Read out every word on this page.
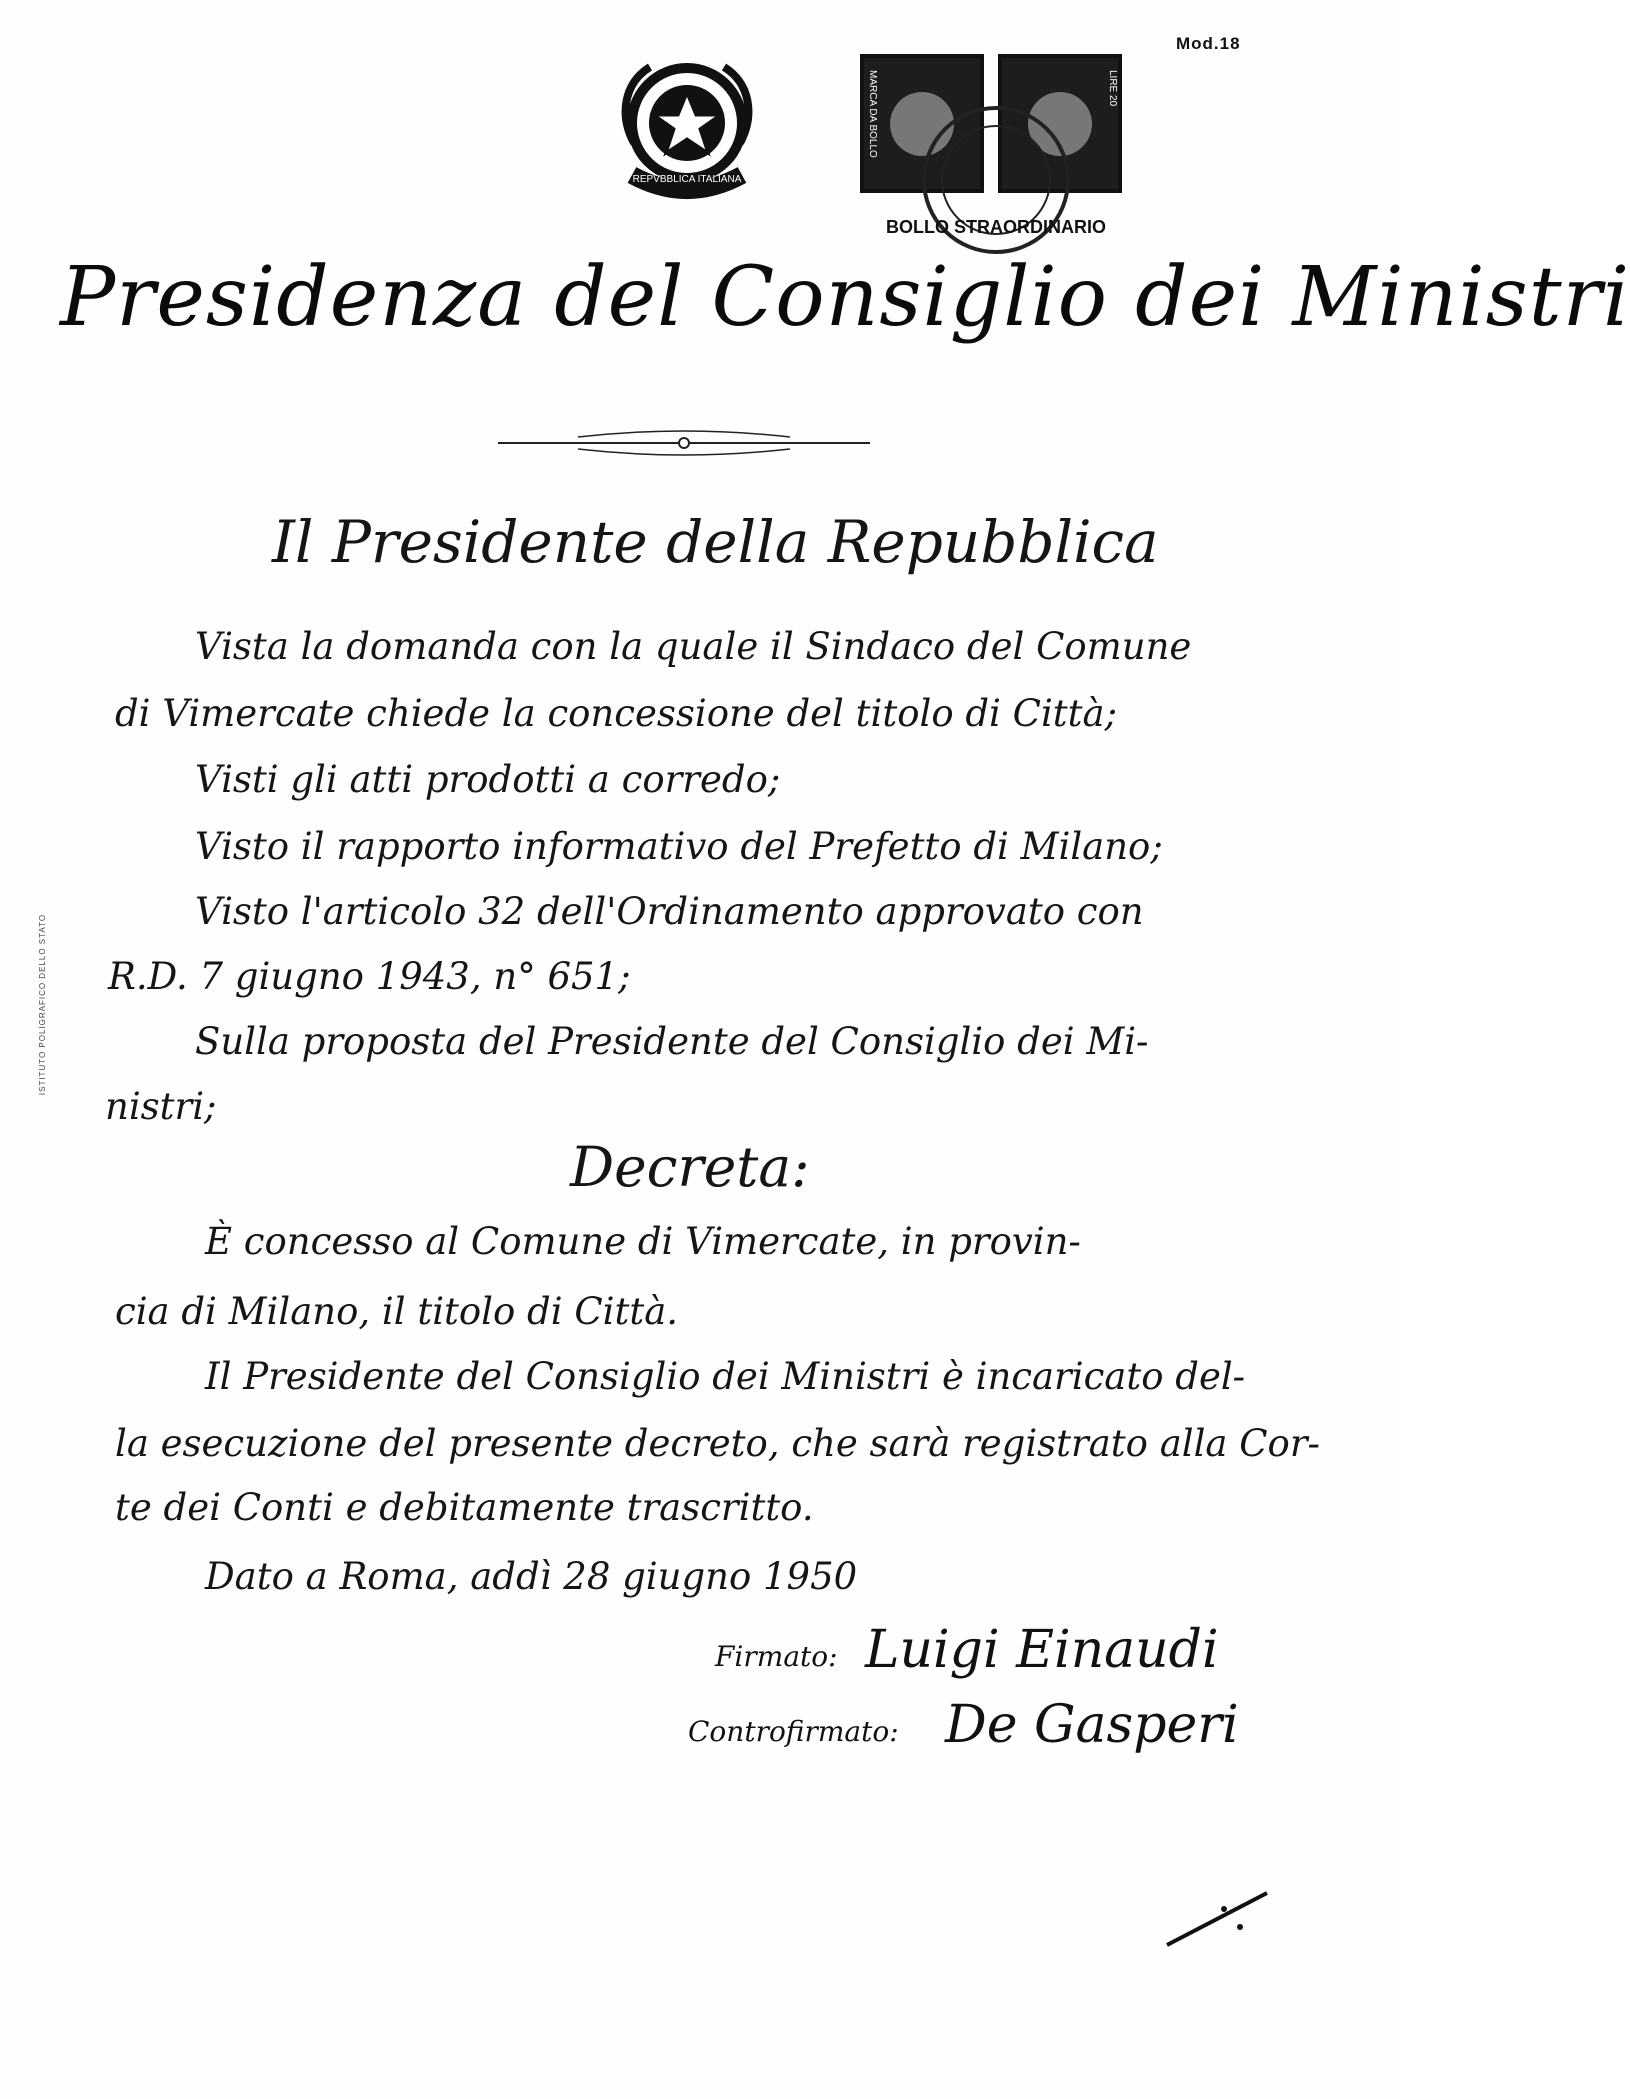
Mod.18
ISTITUTO POLIGRAFICO DELLO STATO
REPVBBLICA ITALIANA
MARCA DA BOLLO	LIRE 20
BOLLO STRAORDINARIO
Presidenza del Consiglio dei Ministri
Il Presidente della Repubblica
Vista la domanda con la quale il Sindaco del Comune
di Vimercate chiede la concessione del titolo di Città;
Visti gli atti prodotti a corredo;
Visto il rapporto informativo del Prefetto di Milano;
Visto l'articolo 32 dell'Ordinamento approvato con
R.D. 7 giugno 1943, n° 651;
Sulla proposta del Presidente del Consiglio dei Mi-
nistri;
Decreta:
È concesso al Comune di Vimercate, in provin-
cia di Milano, il titolo di Città.
Il Presidente del Consiglio dei Ministri è incaricato del-
la esecuzione del presente decreto, che sarà registrato alla Cor-
te dei Conti e debitamente trascritto.
Dato a Roma, addì 28 giugno 1950
Firmato: Luigi Einaudi
Controfirmato: De Gasperi
